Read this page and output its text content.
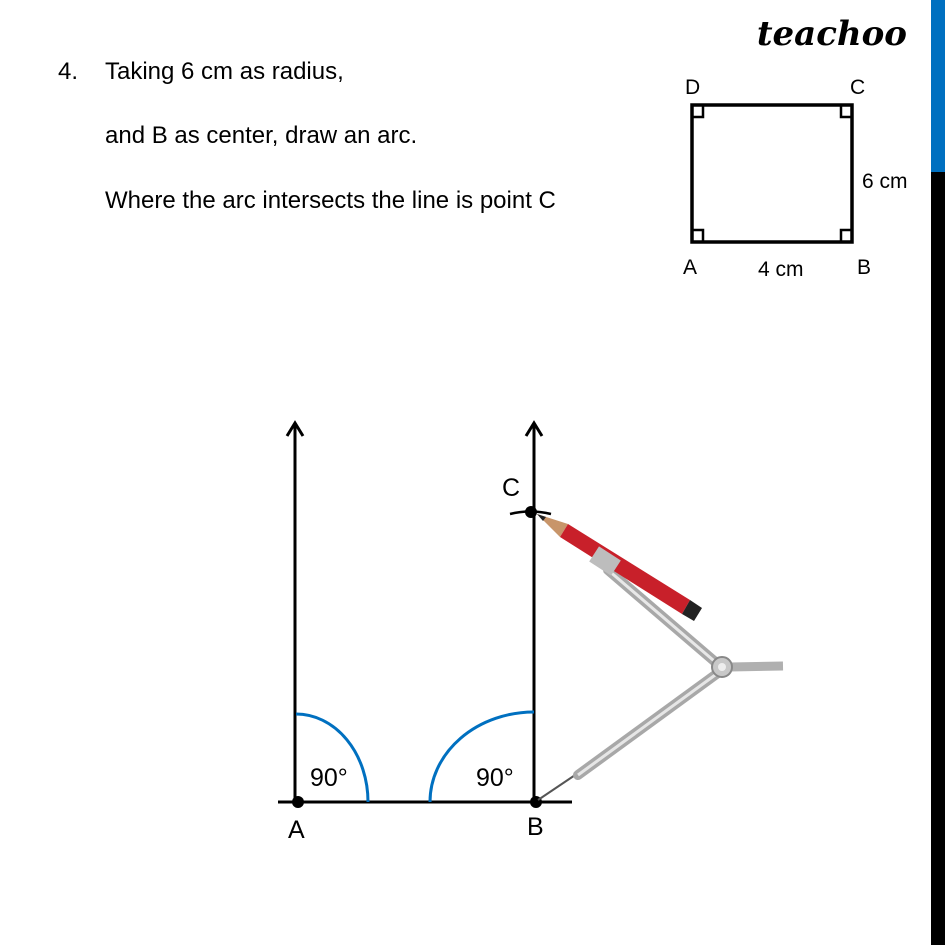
teachoo
4. Taking 6 cm as radius,
and B as center, draw an arc.
Where the arc intersects the line is point C
D	C
A	B
4 cm
6 cm
A	B
C
90°	90°
